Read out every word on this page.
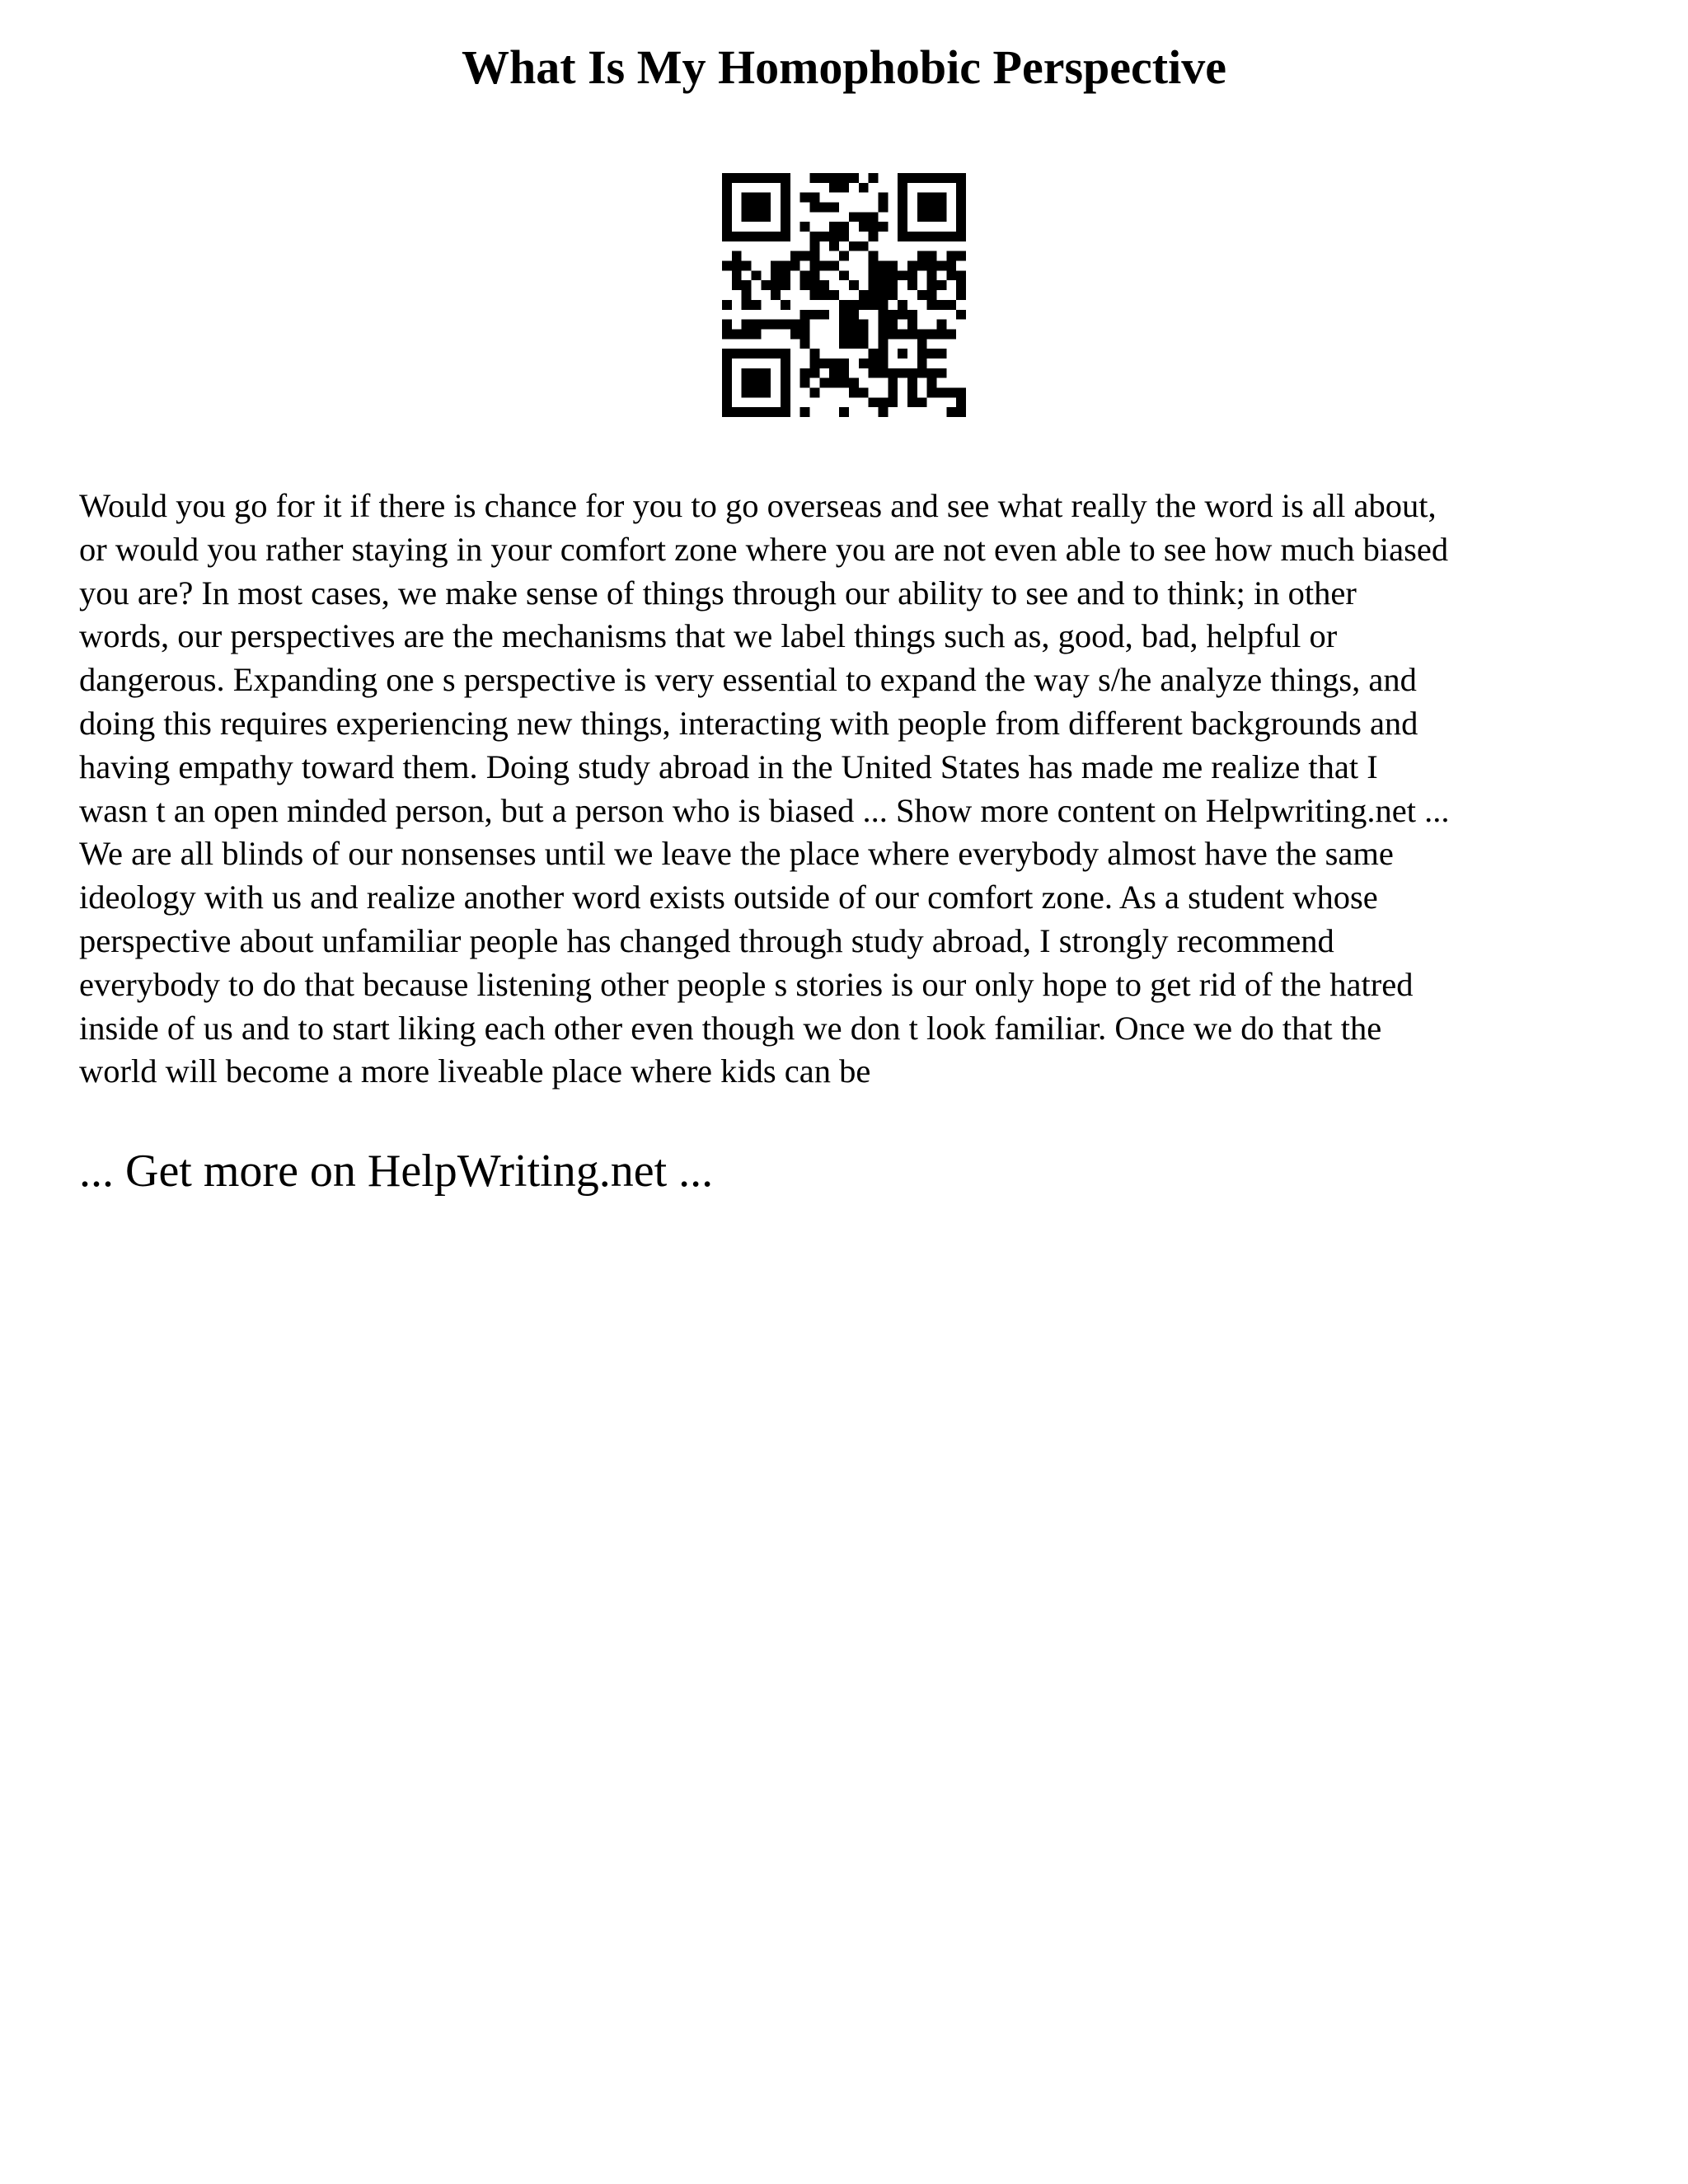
What Is My Homophobic Perspective
Would you go for it if there is chance for you to go overseas and see what really the word is all about,
or would you rather staying in your comfort zone where you are not even able to see how much biased
you are? In most cases, we make sense of things through our ability to see and to think; in other
words, our perspectives are the mechanisms that we label things such as, good, bad, helpful or
dangerous. Expanding one s perspective is very essential to expand the way s/he analyze things, and
doing this requires experiencing new things, interacting with people from different backgrounds and
having empathy toward them. Doing study abroad in the United States has made me realize that I
wasn t an open minded person, but a person who is biased ... Show more content on Helpwriting.net ...
We are all blinds of our nonsenses until we leave the place where everybody almost have the same
ideology with us and realize another word exists outside of our comfort zone. As a student whose
perspective about unfamiliar people has changed through study abroad, I strongly recommend
everybody to do that because listening other people s stories is our only hope to get rid of the hatred
inside of us and to start liking each other even though we don t look familiar. Once we do that the
world will become a more liveable place where kids can be
... Get more on HelpWriting.net ...
